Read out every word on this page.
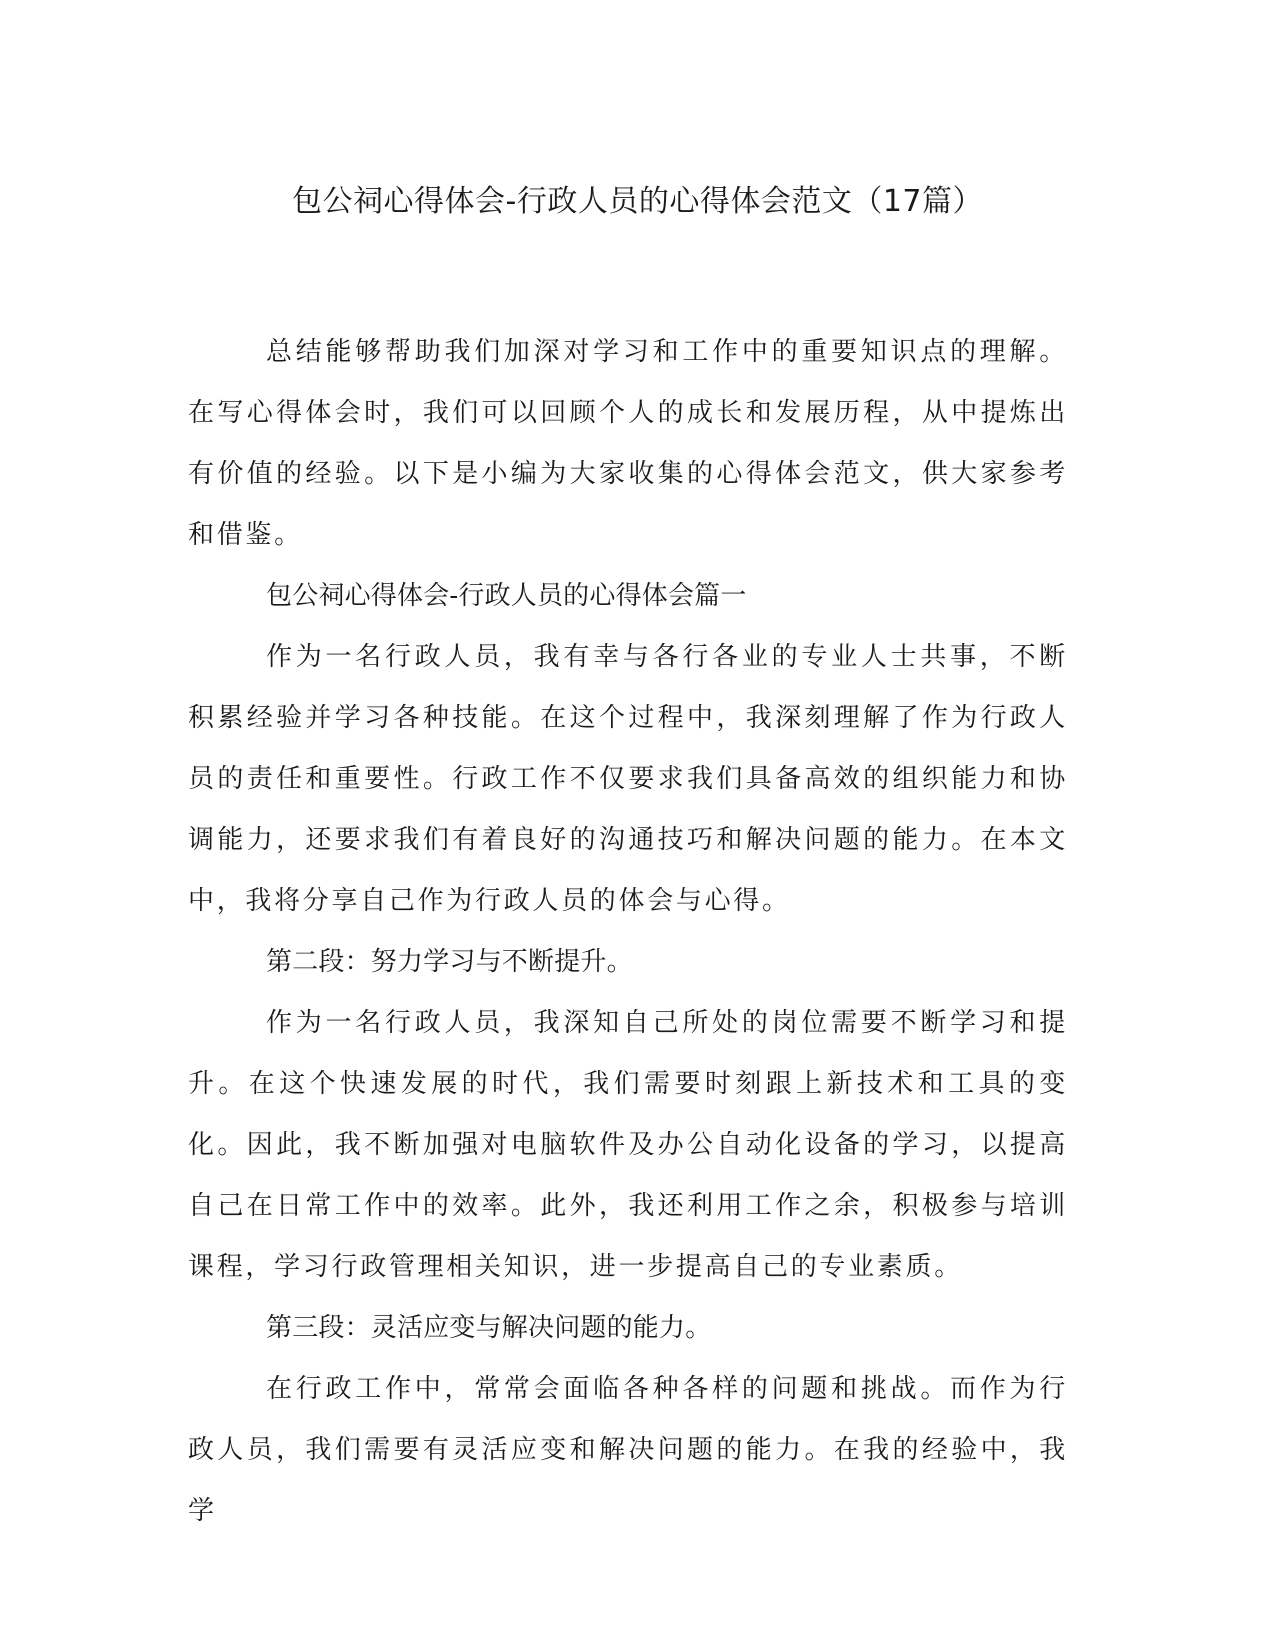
包公祠心得体会-行政人员的心得体会范文（17篇）

总结能够帮助我们加深对学习和工作中的重要知识点的理解。在写心得体会时，我们可以回顾个人的成长和发展历程，从中提炼出有价值的经验。以下是小编为大家收集的心得体会范文，供大家参考和借鉴。

包公祠心得体会-行政人员的心得体会篇一

作为一名行政人员，我有幸与各行各业的专业人士共事，不断积累经验并学习各种技能。在这个过程中，我深刻理解了作为行政人员的责任和重要性。行政工作不仅要求我们具备高效的组织能力和协调能力，还要求我们有着良好的沟通技巧和解决问题的能力。在本文中，我将分享自己作为行政人员的体会与心得。

第二段：努力学习与不断提升。

作为一名行政人员，我深知自己所处的岗位需要不断学习和提升。在这个快速发展的时代，我们需要时刻跟上新技术和工具的变化。因此，我不断加强对电脑软件及办公自动化设备的学习，以提高自己在日常工作中的效率。此外，我还利用工作之余，积极参与培训课程，学习行政管理相关知识，进一步提高自己的专业素质。

第三段：灵活应变与解决问题的能力。

在行政工作中，常常会面临各种各样的问题和挑战。而作为行政人员，我们需要有灵活应变和解决问题的能力。在我的经验中，我学
